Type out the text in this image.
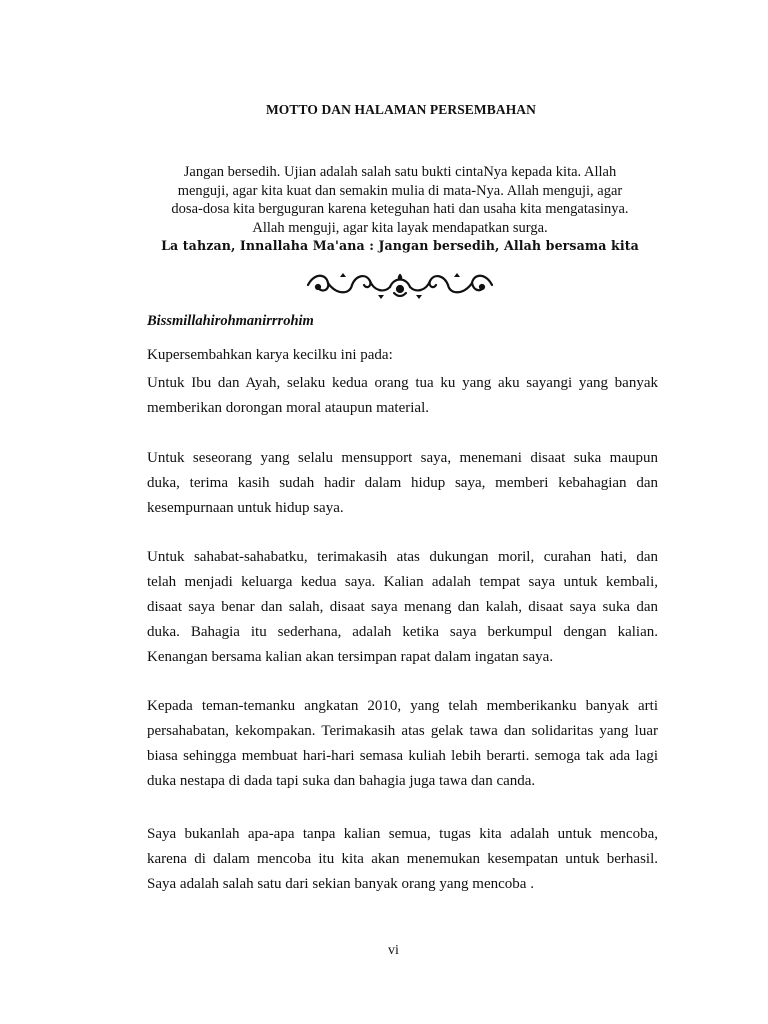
MOTTO DAN HALAMAN PERSEMBAHAN
Jangan bersedih. Ujian adalah salah satu bukti cintaNya kepada kita. Allah
menguji, agar kita kuat dan semakin mulia di mata-Nya. Allah menguji, agar
dosa-dosa kita berguguran karena keteguhan hati dan usaha kita mengatasinya.
Allah menguji, agar kita layak mendapatkan surga.
La tahzan, Innallaha Ma'ana : Jangan bersedih, Allah bersama kita
Bissmillahirohmanirrrohim
Kupersembahkan karya kecilku ini pada:
Untuk Ibu dan Ayah, selaku kedua orang tua ku yang aku sayangi yang banyak
memberikan dorongan moral ataupun material.
Untuk seseorang yang selalu mensupport saya, menemani disaat suka maupun
duka, terima kasih sudah hadir dalam hidup saya, memberi kebahagian dan
kesempurnaan untuk hidup saya.
Untuk sahabat-sahabatku, terimakasih atas dukungan moril, curahan hati, dan
telah menjadi keluarga kedua saya. Kalian adalah tempat saya untuk kembali,
disaat saya benar dan salah, disaat saya menang dan kalah, disaat saya suka dan
duka. Bahagia itu sederhana, adalah ketika saya berkumpul dengan kalian.
Kenangan bersama kalian akan tersimpan rapat dalam ingatan saya.
Kepada teman-temanku angkatan 2010, yang telah memberikanku banyak arti
persahabatan, kekompakan. Terimakasih atas gelak tawa dan solidaritas yang luar
biasa sehingga membuat hari-hari semasa kuliah lebih berarti. semoga tak ada lagi
duka nestapa di dada tapi suka dan bahagia juga tawa dan canda.
Saya bukanlah apa-apa tanpa kalian semua, tugas kita adalah untuk mencoba,
karena di dalam mencoba itu kita akan menemukan kesempatan untuk berhasil.
Saya adalah salah satu dari sekian banyak orang yang mencoba .
vi
